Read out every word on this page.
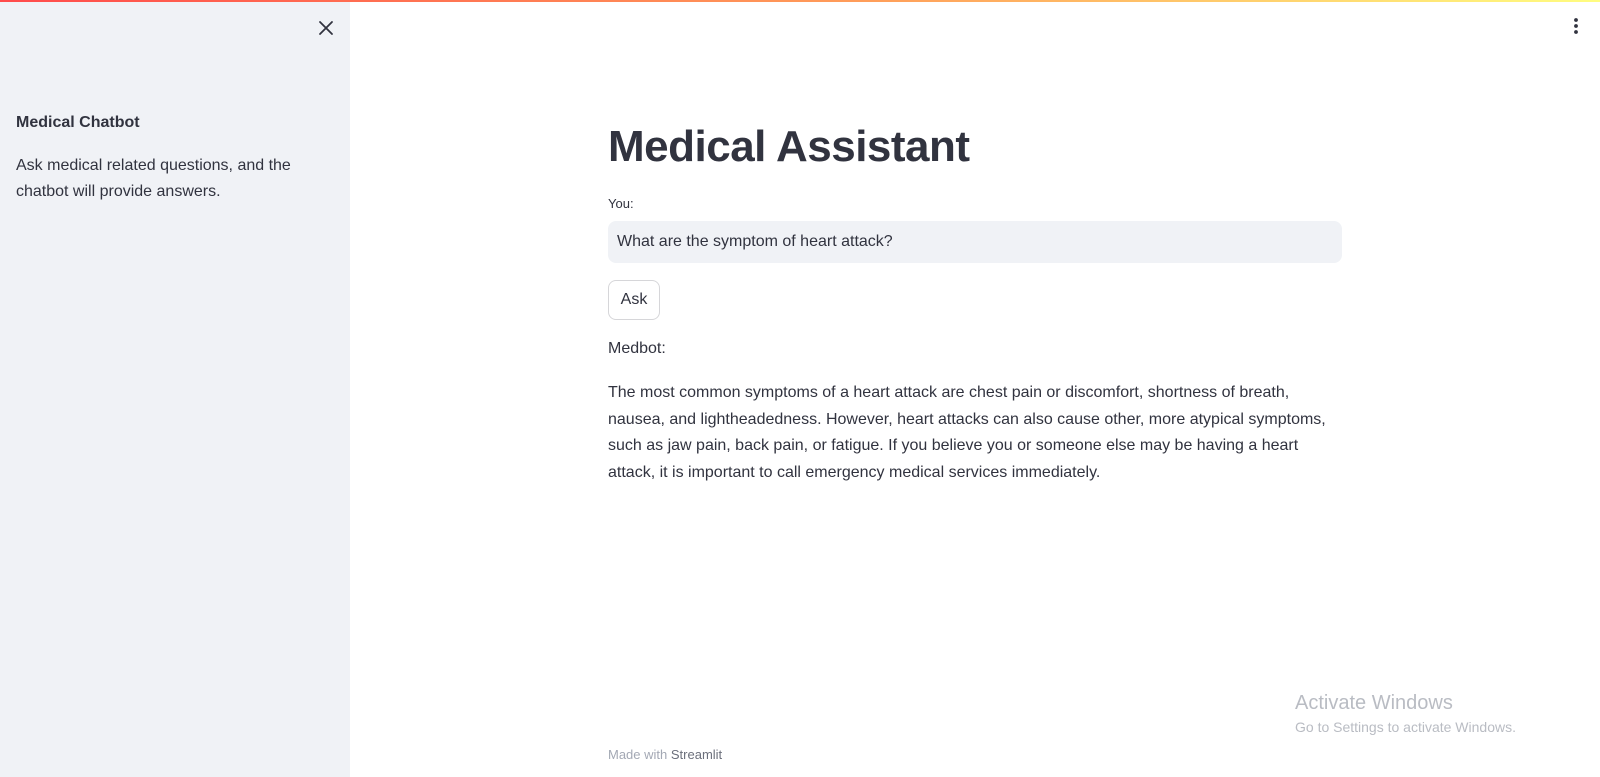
Medical Chatbot
Ask medical related questions, and the chatbot will provide answers.
Medical Assistant
You:
What are the symptom of heart attack?
Ask
Medbot:
The most common symptoms of a heart attack are chest pain or discomfort, shortness of breath, nausea, and lightheadedness. However, heart attacks can also cause other, more atypical symptoms, such as jaw pain, back pain, or fatigue. If you believe you or someone else may be having a heart attack, it is important to call emergency medical services immediately.
Made with Streamlit
Activate Windows
Go to Settings to activate Windows.
